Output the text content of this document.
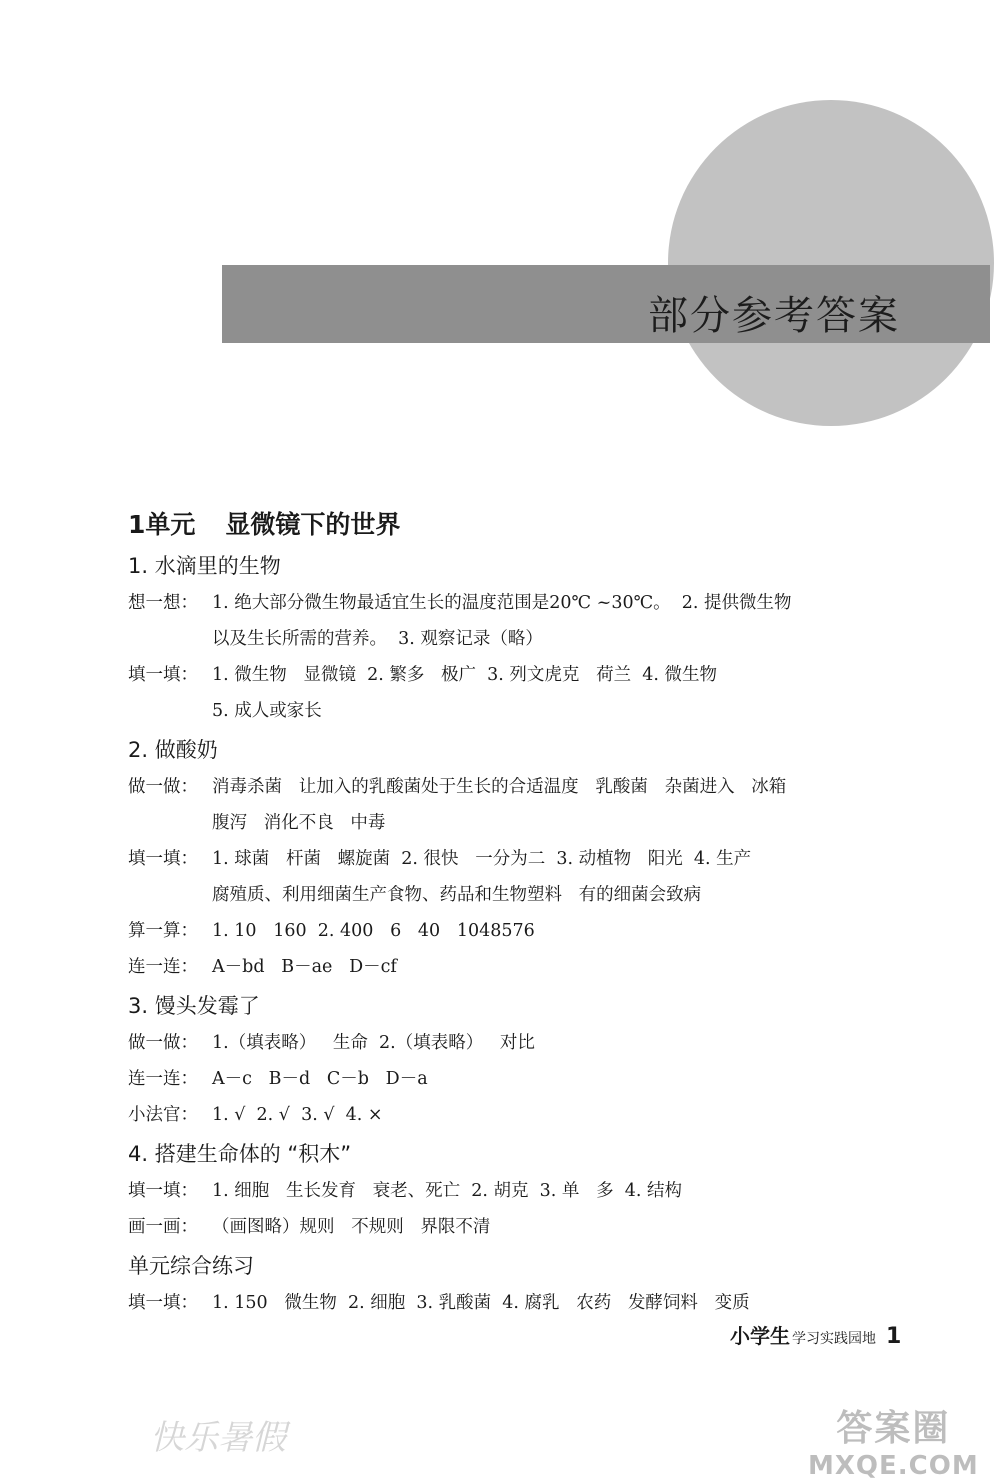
部分参考答案
1单元 显微镜下的世界
1. 水滴里的生物
想一想： 1. 绝大部分微生物最适宜生长的温度范围是20℃ ~30℃。  2. 提供微生物
以及生长所需的营养。  3. 观察记录（略）
填一填： 1. 微生物   显微镜  2. 繁多   极广  3. 列文虎克   荷兰  4. 微生物
5. 成人或家长
2. 做酸奶
做一做： 消毒杀菌   让加入的乳酸菌处于生长的合适温度   乳酸菌   杂菌进入   冰箱
腹泻   消化不良   中毒
填一填： 1. 球菌   杆菌   螺旋菌  2. 很快   一分为二  3. 动植物   阳光  4. 生产
腐殖质、利用细菌生产食物、药品和生物塑料   有的细菌会致病
算一算： 1. 10   160  2. 400   6   40   1048576
连一连： A－bd   B－ae   D－cf
3. 馒头发霉了
做一做： 1.（填表略）   生命  2.（填表略）   对比
连一连： A－c   B－d   C－b   D－a
小法官： 1. √  2. √  3. √  4. ×
4. 搭建生命体的 “积木”
填一填： 1. 细胞   生长发育   衰老、死亡  2. 胡克  3. 单   多  4. 结构
画一画： （画图略）规则   不规则   界限不清
单元综合练习
填一填： 1. 150   微生物  2. 细胞  3. 乳酸菌  4. 腐乳   农药   发酵饲料   变质
小学生 学习实践园地 1
快乐暑假	答案圈
MXQE.COM
